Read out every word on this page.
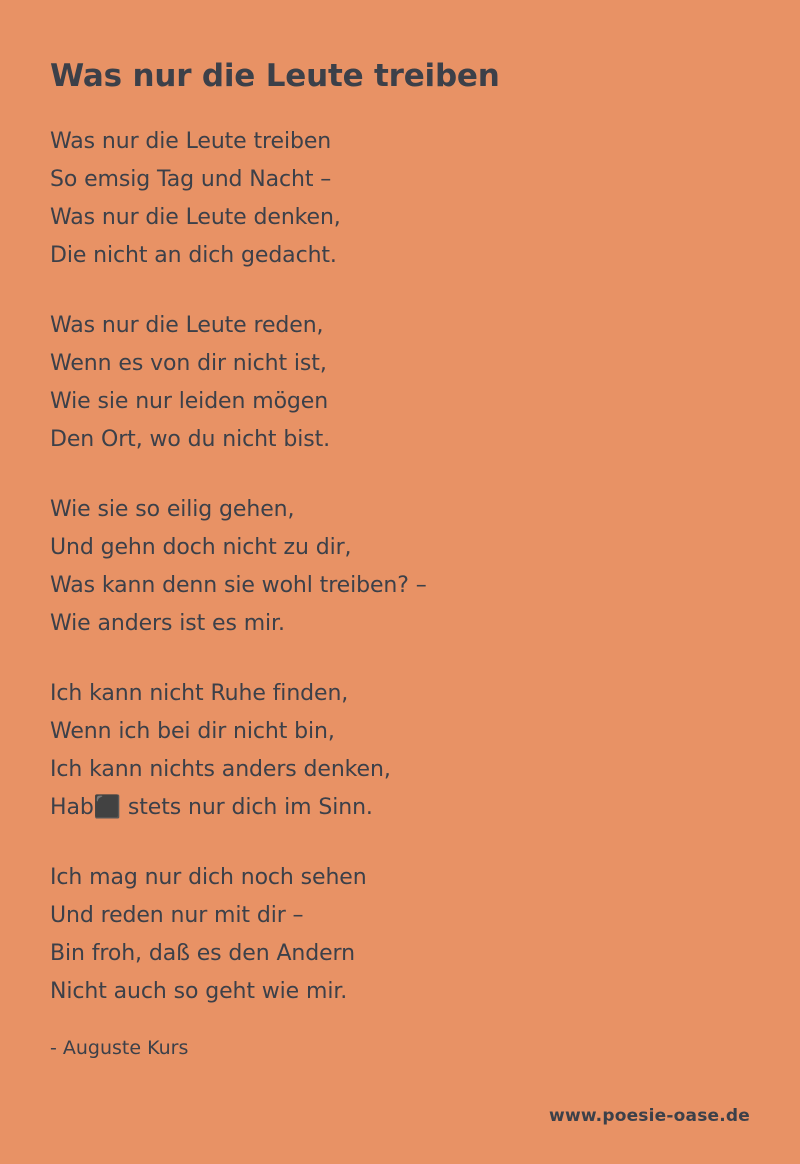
Was nur die Leute treiben
Was nur die Leute treiben
So emsig Tag und Nacht –
Was nur die Leute denken,
Die nicht an dich gedacht.
Was nur die Leute reden,
Wenn es von dir nicht ist,
Wie sie nur leiden mögen
Den Ort, wo du nicht bist.
Wie sie so eilig gehen,
Und gehn doch nicht zu dir,
Was kann denn sie wohl treiben? –
Wie anders ist es mir.
Ich kann nicht Ruhe finden,
Wenn ich bei dir nicht bin,
Ich kann nichts anders denken,
Hab⬛ stets nur dich im Sinn.
Ich mag nur dich noch sehen
Und reden nur mit dir –
Bin froh, daß es den Andern
Nicht auch so geht wie mir.
- Auguste Kurs
www.poesie-oase.de
